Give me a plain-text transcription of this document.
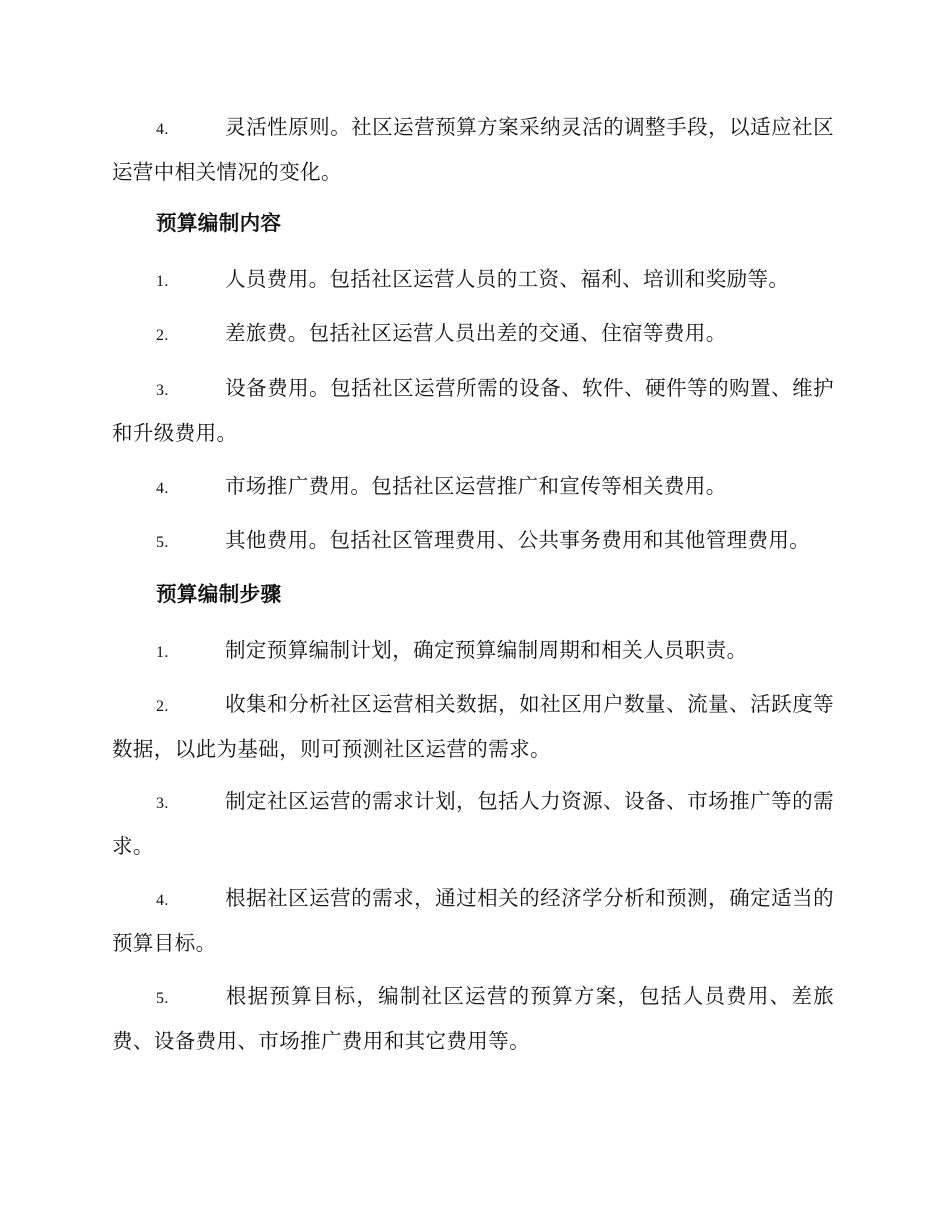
4.	灵活性原则。社区运营预算方案采纳灵活的调整手段，以适应社区运营中相关情况的变化。
预算编制内容
1.	人员费用。包括社区运营人员的工资、福利、培训和奖励等。
2.	差旅费。包括社区运营人员出差的交通、住宿等费用。
3.	设备费用。包括社区运营所需的设备、软件、硬件等的购置、维护和升级费用。
4.	市场推广费用。包括社区运营推广和宣传等相关费用。
5.	其他费用。包括社区管理费用、公共事务费用和其他管理费用。
预算编制步骤
1.	制定预算编制计划，确定预算编制周期和相关人员职责。
2.	收集和分析社区运营相关数据，如社区用户数量、流量、活跃度等数据，以此为基础，则可预测社区运营的需求。
3.	制定社区运营的需求计划，包括人力资源、设备、市场推广等的需求。
4.	根据社区运营的需求，通过相关的经济学分析和预测，确定适当的预算目标。
5.	根据预算目标，编制社区运营的预算方案，包括人员费用、差旅费、设备费用、市场推广费用和其它费用等。
